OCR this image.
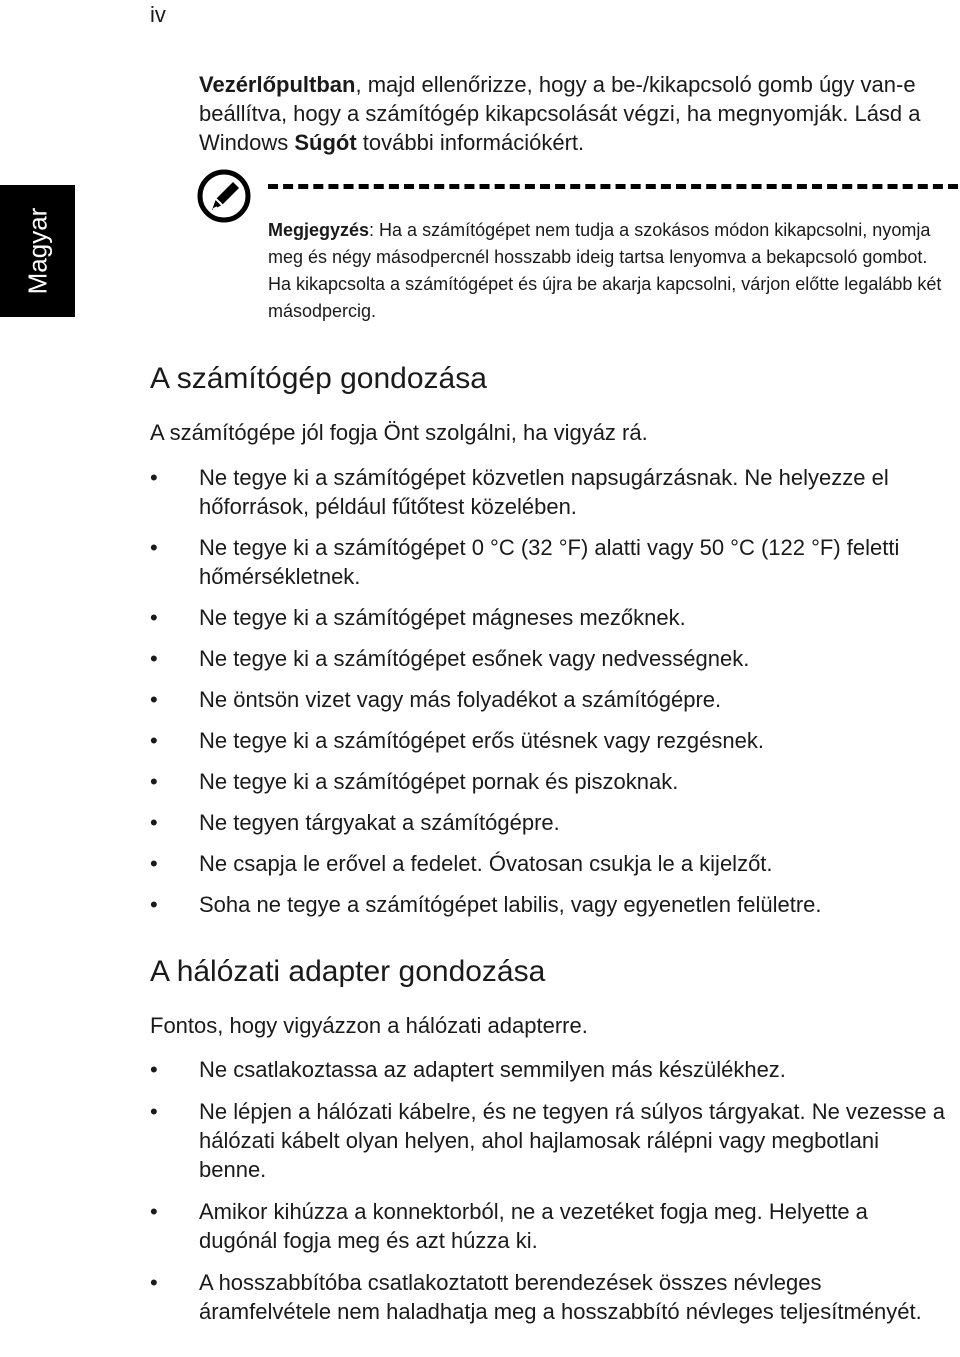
iv
Magyar

Vezérlőpultban, majd ellenőrizze, hogy a be-/kikapcsoló gomb úgy van-e beállítva, hogy a számítógép kikapcsolását végzi, ha megnyomják. Lásd a Windows Súgót további információkért.

Megjegyzés: Ha a számítógépet nem tudja a szokásos módon kikapcsolni, nyomja meg és négy másodpercnél hosszabb ideig tartsa lenyomva a bekapcsoló gombot. Ha kikapcsolta a számítógépet és újra be akarja kapcsolni, várjon előtte legalább két másodpercig.

A számítógép gondozása

A számítógépe jól fogja Önt szolgálni, ha vigyáz rá.

• Ne tegye ki a számítógépet közvetlen napsugárzásnak. Ne helyezze el hőforrások, például fűtőtest közelében.
• Ne tegye ki a számítógépet 0 °C (32 °F) alatti vagy 50 °C (122 °F) feletti hőmérsékletnek.
• Ne tegye ki a számítógépet mágneses mezőknek.
• Ne tegye ki a számítógépet esőnek vagy nedvességnek.
• Ne öntsön vizet vagy más folyadékot a számítógépre.
• Ne tegye ki a számítógépet erős ütésnek vagy rezgésnek.
• Ne tegye ki a számítógépet pornak és piszoknak.
• Ne tegyen tárgyakat a számítógépre.
• Ne csapja le erővel a fedelet. Óvatosan csukja le a kijelzőt.
• Soha ne tegye a számítógépet labilis, vagy egyenetlen felületre.
A hálózati adapter gondozása

Fontos, hogy vigyázzon a hálózati adapterre.

• Ne csatlakoztassa az adaptert semmilyen más készülékhez.
• Ne lépjen a hálózati kábelre, és ne tegyen rá súlyos tárgyakat. Ne vezesse a hálózati kábelt olyan helyen, ahol hajlamosak rálépni vagy megbotlani benne.
• Amikor kihúzza a konnektorból, ne a vezetéket fogja meg. Helyette a dugónál fogja meg és azt húzza ki.
• A hosszabbítóba csatlakoztatott berendezések összes névleges áramfelvétele nem haladhatja meg a hosszabbító névleges teljesítményét.
